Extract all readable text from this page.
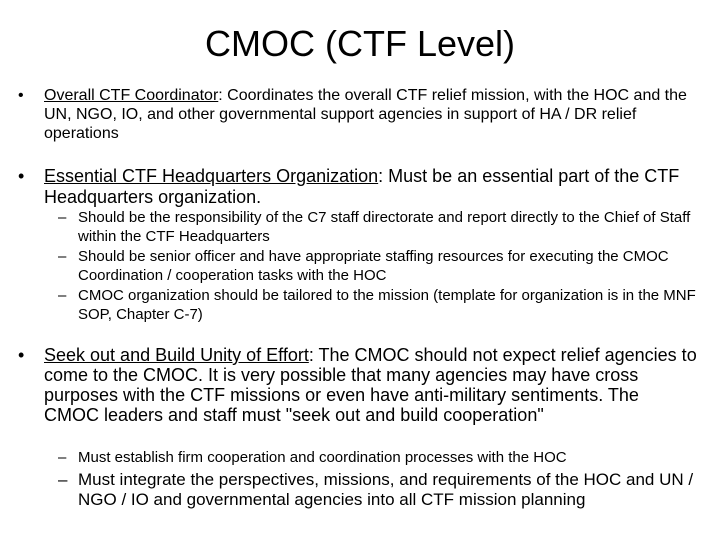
CMOC (CTF Level)
•	Overall CTF Coordinator: Coordinates the overall CTF relief mission, with the HOC and the UN, NGO, IO, and other governmental support agencies in support of HA / DR relief operations
•	Essential CTF Headquarters Organization: Must be an essential part of the CTF Headquarters organization.
– Should be the responsibility of the C7 staff directorate and report directly to the Chief of Staff within the CTF Headquarters
– Should be senior officer and have appropriate staffing resources for executing the CMOC Coordination / cooperation tasks with the HOC
– CMOC organization should be tailored to the mission (template for organization is in the MNF SOP, Chapter C-7)
•	Seek out and Build Unity of Effort: The CMOC should not expect relief agencies to come to the CMOC. It is very possible that many agencies may have cross purposes with the CTF missions or even have anti-military sentiments. The CMOC leaders and staff must "seek out and build cooperation"
– Must establish firm cooperation and coordination processes with the HOC
– Must integrate the perspectives, missions, and requirements of the HOC and UN / NGO / IO and governmental agencies into all CTF mission planning
